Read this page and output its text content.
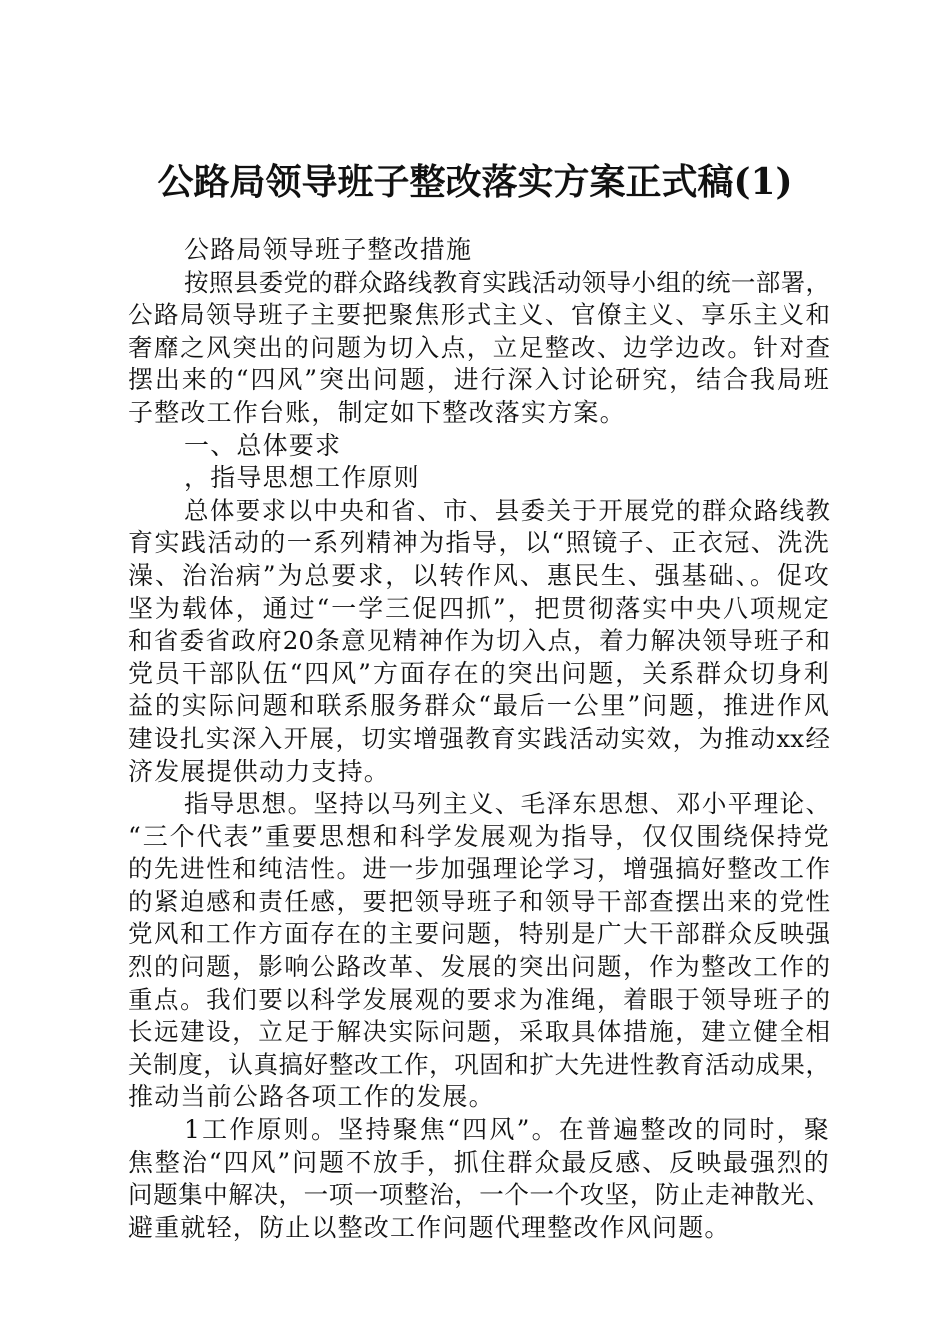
公路局领导班子整改落实方案正式稿(1)
公路局领导班子整改措施
按照县委党的群众路线教育实践活动领导小组的统一部署，
公路局领导班子主要把聚焦形式主义、官僚主义、享乐主义和
奢靡之风突出的问题为切入点，立足整改、边学边改。针对查
摆出来的“四风”突出问题，进行深入讨论研究，结合我局班
子整改工作台账，制定如下整改落实方案。
一、总体要求
，指导思想工作原则
总体要求以中央和省、市、县委关于开展党的群众路线教
育实践活动的一系列精神为指导，以“照镜子、正衣冠、洗洗
澡、治治病”为总要求，以转作风、惠民生、强基础、。促攻
坚为载体，通过“一学三促四抓”，把贯彻落实中央八项规定
和省委省政府20条意见精神作为切入点，着力解决领导班子和
党员干部队伍“四风”方面存在的突出问题，关系群众切身利
益的实际问题和联系服务群众“最后一公里”问题，推进作风
建设扎实深入开展，切实增强教育实践活动实效，为推动xx经
济发展提供动力支持。
指导思想。坚持以马列主义、毛泽东思想、邓小平理论、
“三个代表”重要思想和科学发展观为指导，仅仅围绕保持党
的先进性和纯洁性。进一步加强理论学习，增强搞好整改工作
的紧迫感和责任感，要把领导班子和领导干部查摆出来的党性
党风和工作方面存在的主要问题，特别是广大干部群众反映强
烈的问题，影响公路改革、发展的突出问题，作为整改工作的
重点。我们要以科学发展观的要求为准绳，着眼于领导班子的
长远建设，立足于解决实际问题，采取具体措施，建立健全相
关制度，认真搞好整改工作，巩固和扩大先进性教育活动成果，
推动当前公路各项工作的发展。
1工作原则。坚持聚焦“四风”。在普遍整改的同时，聚
焦整治“四风”问题不放手，抓住群众最反感、反映最强烈的
问题集中解决，一项一项整治，一个一个攻坚，防止走神散光、
避重就轻，防止以整改工作问题代理整改作风问题。
